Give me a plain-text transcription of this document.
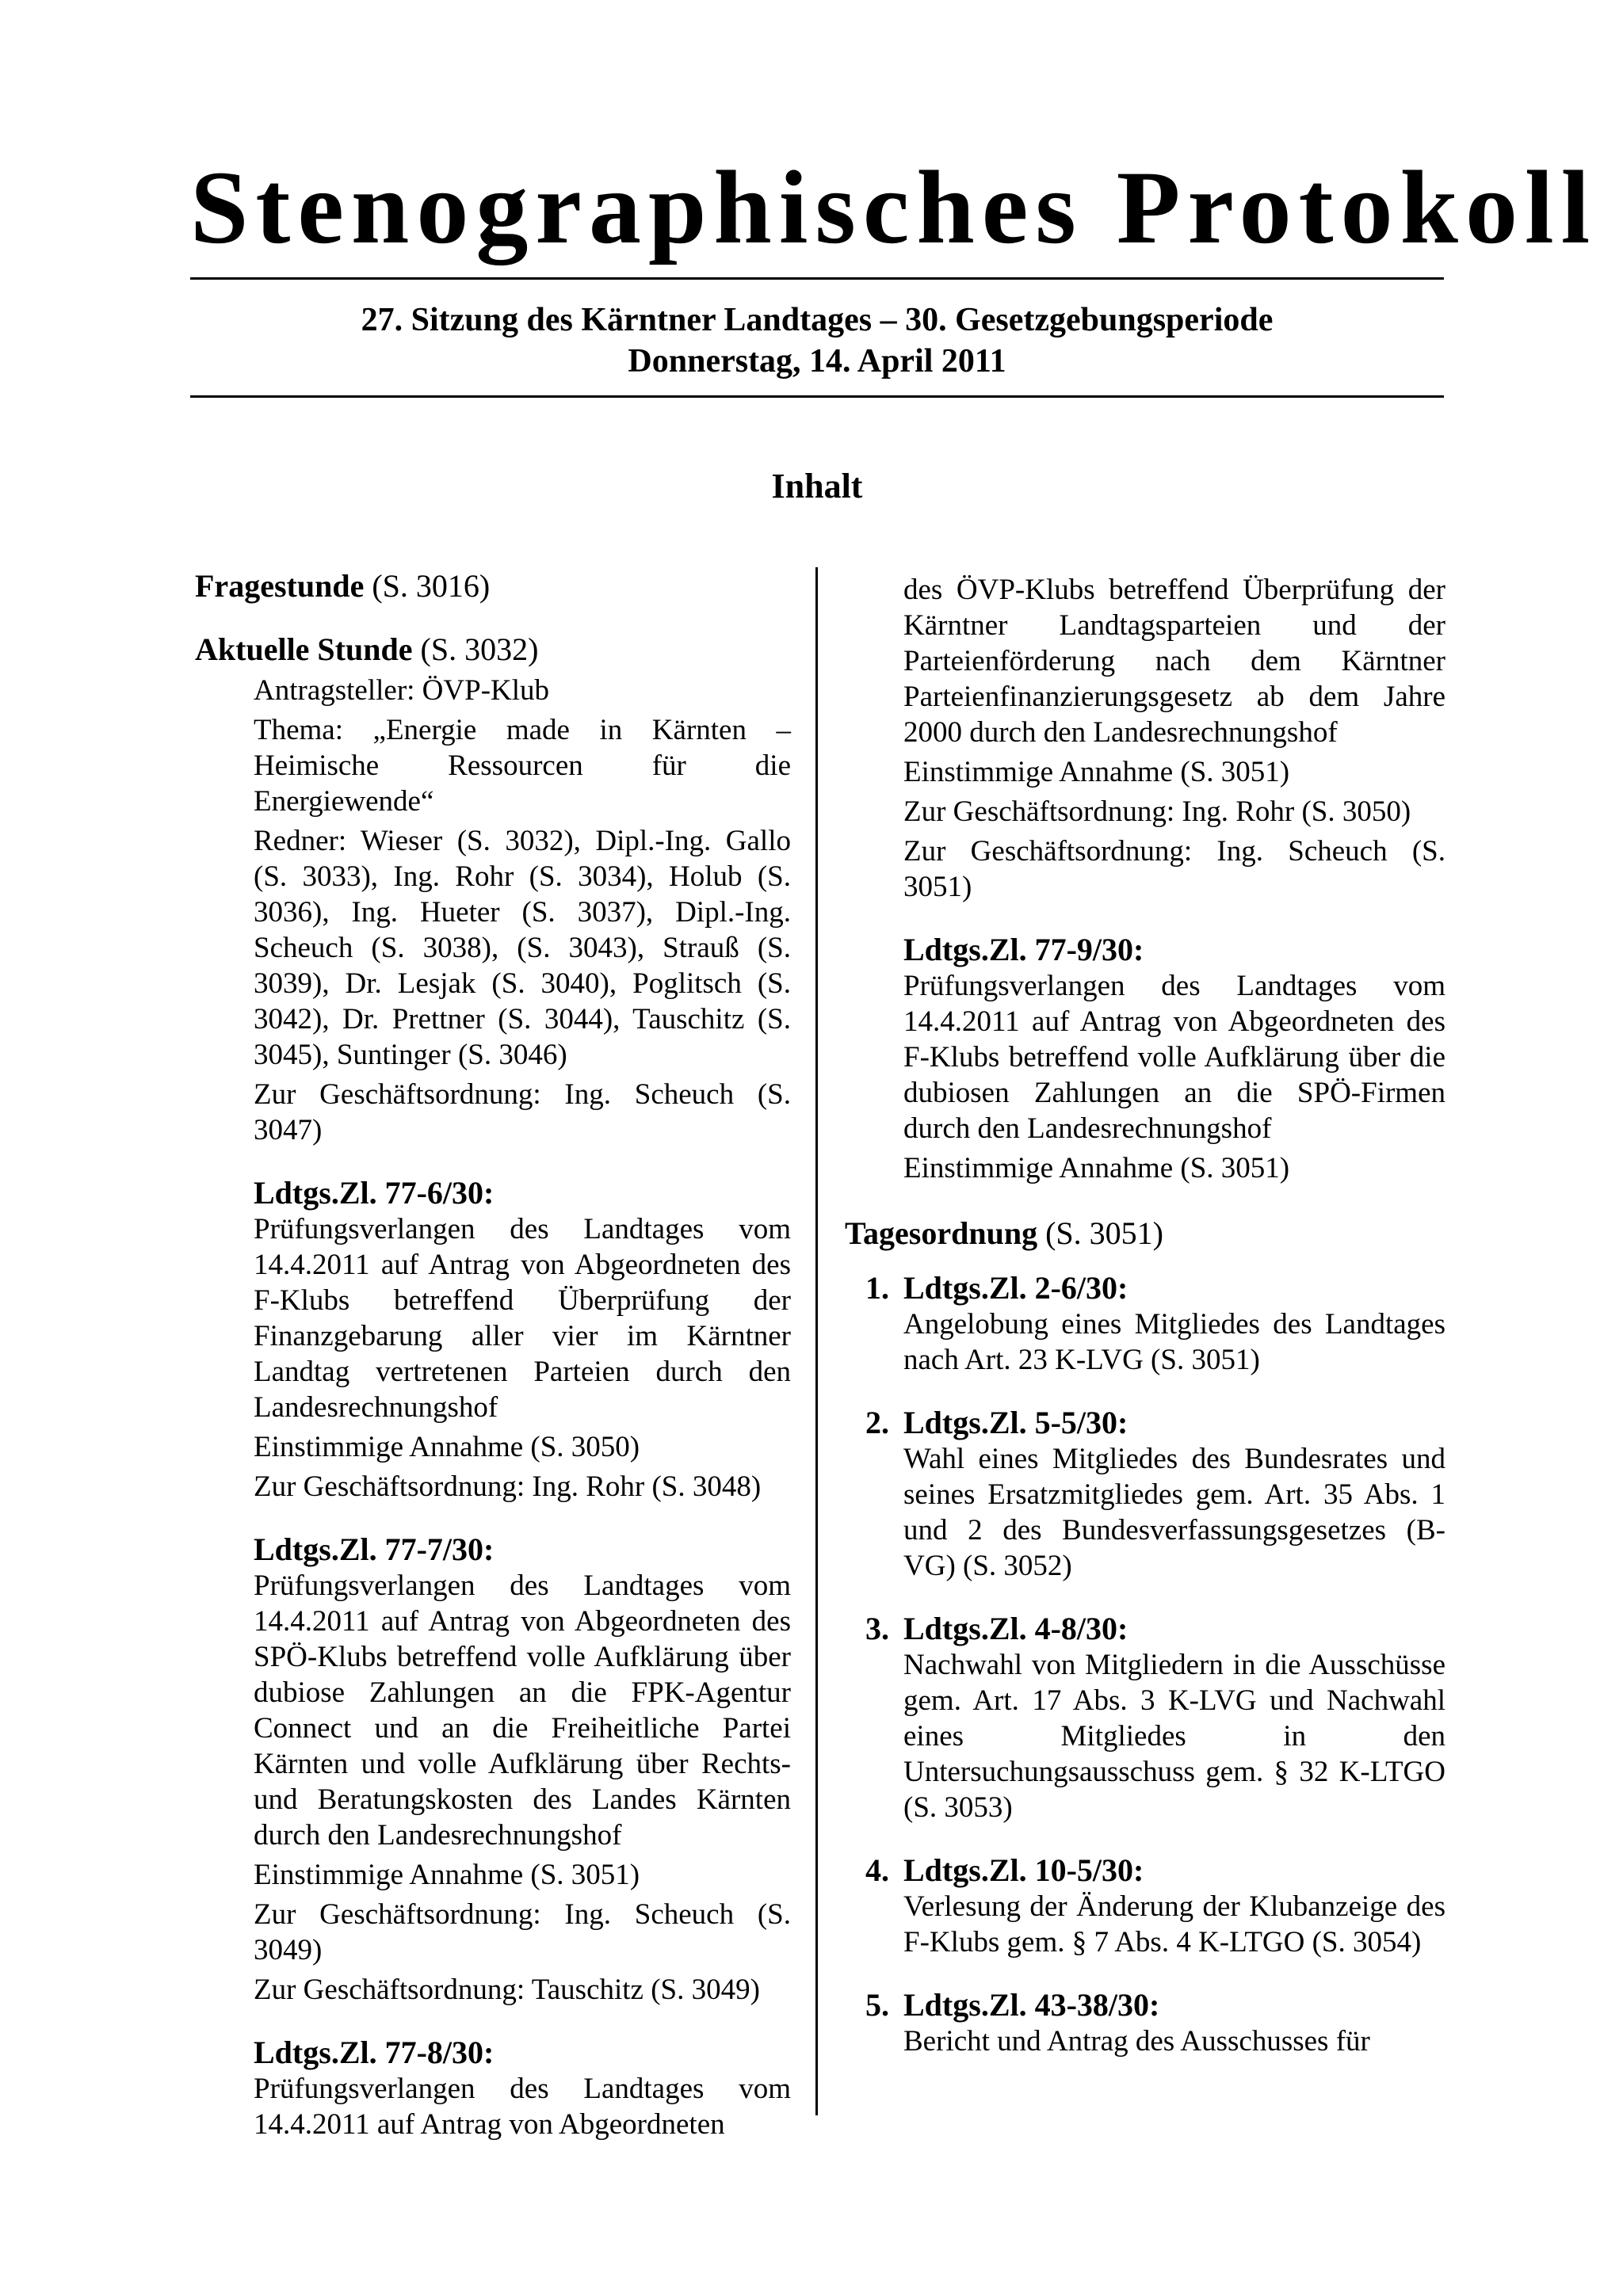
Stenographisches Protokoll
27. Sitzung des Kärntner Landtages – 30. Gesetzgebungsperiode
Donnerstag, 14. April 2011
Inhalt

Fragestunde (S. 3016)

Aktuelle Stunde (S. 3032)

Antragsteller: ÖVP-Klub
Thema: „Energie made in Kärnten – Heimische Ressourcen für die Energiewende“
Redner: Wieser (S. 3032), Dipl.-Ing. Gallo (S. 3033), Ing. Rohr (S. 3034), Holub (S. 3036), Ing. Hueter (S. 3037), Dipl.-Ing. Scheuch (S. 3038), (S. 3043), Strauß (S. 3039), Dr. Lesjak (S. 3040), Poglitsch (S. 3042), Dr. Prettner (S. 3044), Tauschitz (S. 3045), Suntinger (S. 3046)
Zur Geschäftsordnung: Ing. Scheuch (S. 3047)
Ldtgs.Zl. 77-6/30:
Prüfungsverlangen des Landtages vom 14.4.2011 auf Antrag von Abgeordneten des F-Klubs betreffend Überprüfung der Finanzgebarung aller vier im Kärntner Landtag vertretenen Parteien durch den Landesrechnungshof
Einstimmige Annahme (S. 3050)
Zur Geschäftsordnung: Ing. Rohr (S. 3048)
Ldtgs.Zl. 77-7/30:
Prüfungsverlangen des Landtages vom 14.4.2011 auf Antrag von Abgeordneten des SPÖ-Klubs betreffend volle Aufklärung über dubiose Zahlungen an die FPK-Agentur Connect und an die Freiheitliche Partei Kärnten und volle Aufklärung über Rechts- und Beratungskosten des Landes Kärnten durch den Landesrechnungshof
Einstimmige Annahme (S. 3051)
Zur Geschäftsordnung: Ing. Scheuch (S. 3049)
Zur Geschäftsordnung: Tauschitz (S. 3049)
Ldtgs.Zl. 77-8/30:
Prüfungsverlangen des Landtages vom 14.4.2011 auf Antrag von Abgeordneten
des ÖVP-Klubs betreffend Überprüfung der Kärntner Landtagsparteien und der Parteienförderung nach dem Kärntner Parteienfinanzierungsgesetz ab dem Jahre 2000 durch den Landesrechnungshof
Einstimmige Annahme (S. 3051)
Zur Geschäftsordnung: Ing. Rohr (S. 3050)
Zur Geschäftsordnung: Ing. Scheuch (S. 3051)
Ldtgs.Zl. 77-9/30:
Prüfungsverlangen des Landtages vom 14.4.2011 auf Antrag von Abgeordneten des F-Klubs betreffend volle Aufklärung über die dubiosen Zahlungen an die SPÖ-Firmen durch den Landesrechnungshof
Einstimmige Annahme (S. 3051)

Tagesordnung (S. 3051)

1. Ldtgs.Zl. 2-6/30:
Angelobung eines Mitgliedes des Landtages nach Art. 23 K-LVG (S. 3051)
2. Ldtgs.Zl. 5-5/30:
Wahl eines Mitgliedes des Bundesrates und seines Ersatzmitgliedes gem. Art. 35 Abs. 1 und 2 des Bundesverfassungsgesetzes (B-VG) (S. 3052)
3. Ldtgs.Zl. 4-8/30:
Nachwahl von Mitgliedern in die Ausschüsse gem. Art. 17 Abs. 3 K-LVG und Nachwahl eines Mitgliedes in den Untersuchungsausschuss gem. § 32 K-LTGO (S. 3053)
4. Ldtgs.Zl. 10-5/30:
Verlesung der Änderung der Klubanzeige des F-Klubs gem. § 7 Abs. 4 K-LTGO (S. 3054)
5. Ldtgs.Zl. 43-38/30:
Bericht und Antrag des Ausschusses für
